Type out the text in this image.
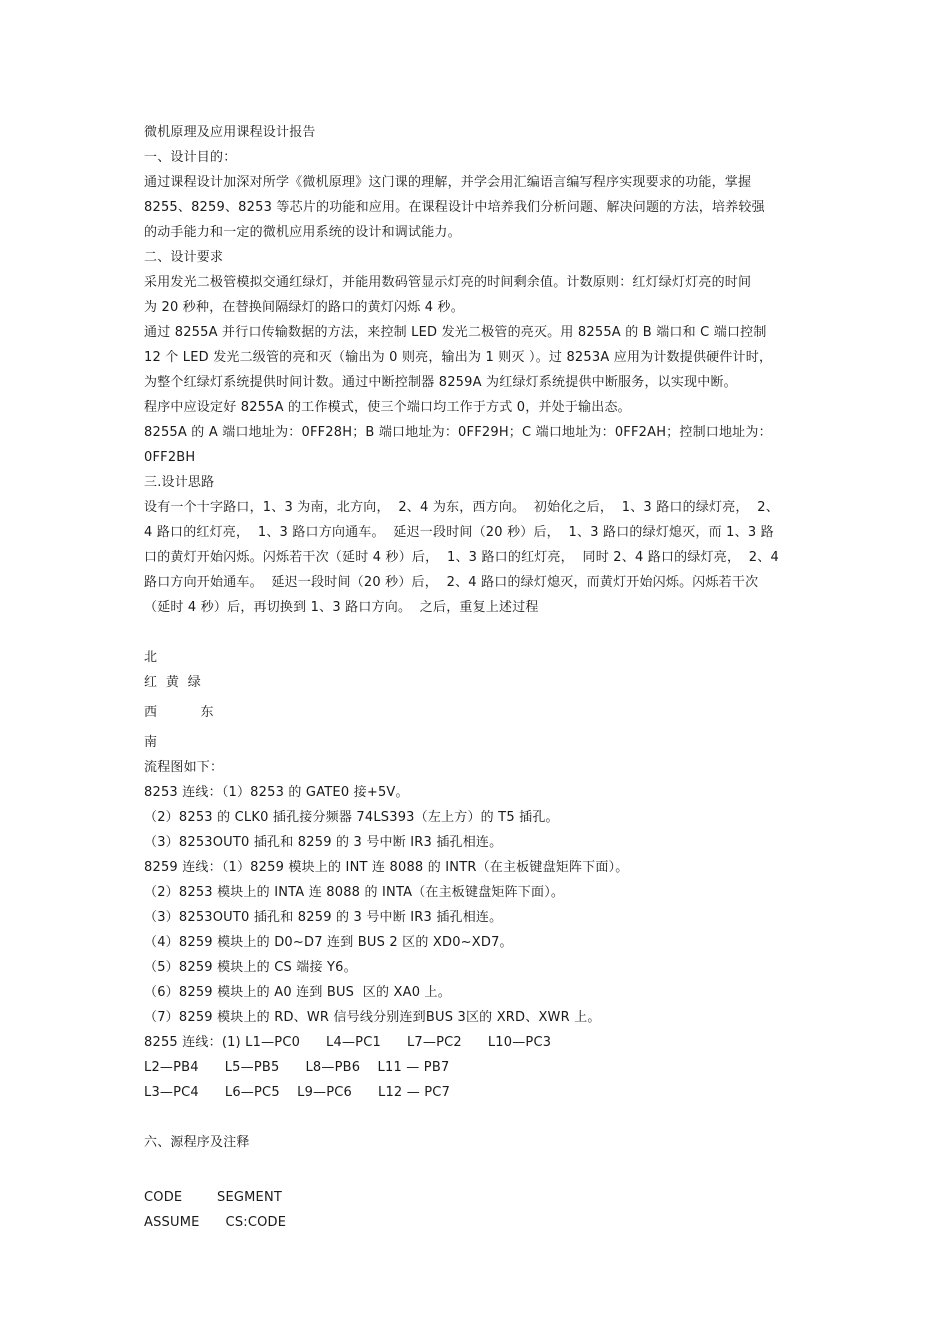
微机原理及应用课程设计报告
一、设计目的：
通过课程设计加深对所学《微机原理》这门课的理解，并学会用汇编语言编写程序实现要求的功能，掌握
8255、8259、8253 等芯片的功能和应用。在课程设计中培养我们分析问题、解决问题的方法，培养较强
的动手能力和一定的微机应用系统的设计和调试能力。
二、设计要求
采用发光二极管模拟交通红绿灯，并能用数码管显示灯亮的时间剩余值。计数原则：红灯绿灯灯亮的时间
为 20 秒种，在替换间隔绿灯的路口的黄灯闪烁 4 秒。
通过 8255A 并行口传输数据的方法，来控制 LED 发光二极管的亮灭。用 8255A 的 B 端口和 C 端口控制
12 个 LED 发光二级管的亮和灭（输出为 0 则亮，输出为 1 则灭 ）。过 8253A 应用为计数提供硬件计时，
为整个红绿灯系统提供时间计数。通过中断控制器 8259A 为红绿灯系统提供中断服务，以实现中断。
程序中应设定好 8255A 的工作模式，使三个端口均工作于方式 0，并处于输出态。
8255A 的 A 端口地址为：0FF28H；B 端口地址为：0FF29H；C 端口地址为：0FF2AH；控制口地址为：
0FF2BH
三.设计思路
设有一个十字路口，1、3 为南，北方向，  2、4 为东，西方向。  初始化之后，  1、3 路口的绿灯亮，  2、
4 路口的红灯亮，  1、3 路口方向通车。  延迟一段时间（20 秒）后，  1、3 路口的绿灯熄灭，而 1、3 路
口的黄灯开始闪烁。闪烁若干次（延时 4 秒）后，  1、3 路口的红灯亮，  同时 2、4 路口的绿灯亮，  2、4
路口方向开始通车。  延迟一段时间（20 秒）后，  2、4 路口的绿灯熄灭，而黄灯开始闪烁。闪烁若干次
（延时 4 秒）后，再切换到 1、3 路口方向。  之后，重复上述过程
北
红  黄  绿
西          东
南
流程图如下：
8253 连线：（1）8253 的 GATE0 接+5V。
（2）8253 的 CLK0 插孔接分频器 74LS393（左上方）的 T5 插孔。
（3）8253OUT0 插孔和 8259 的 3 号中断 IR3 插孔相连。
8259 连线：（1）8259 模块上的 INT 连 8088 的 INTR（在主板键盘矩阵下面）。
（2）8253 模块上的 INTA 连 8088 的 INTA（在主板键盘矩阵下面）。
（3）8253OUT0 插孔和 8259 的 3 号中断 IR3 插孔相连。
（4）8259 模块上的 D0~D7 连到 BUS 2 区的 XD0~XD7。
（5）8259 模块上的 CS 端接 Y6。
（6）8259 模块上的 A0 连到 BUS  区的 XA0 上。
（7）8259 模块上的 RD、WR 信号线分别连到BUS 3区的 XRD、XWR 上。
8255 连线：(1) L1—PC0      L4—PC1      L7—PC2      L10—PC3
L2—PB4      L5—PB5      L8—PB6    L11 — PB7
L3—PC4      L6—PC5    L9—PC6      L12 — PC7
六、源程序及注释
CODE        SEGMENT
ASSUME      CS:CODE
